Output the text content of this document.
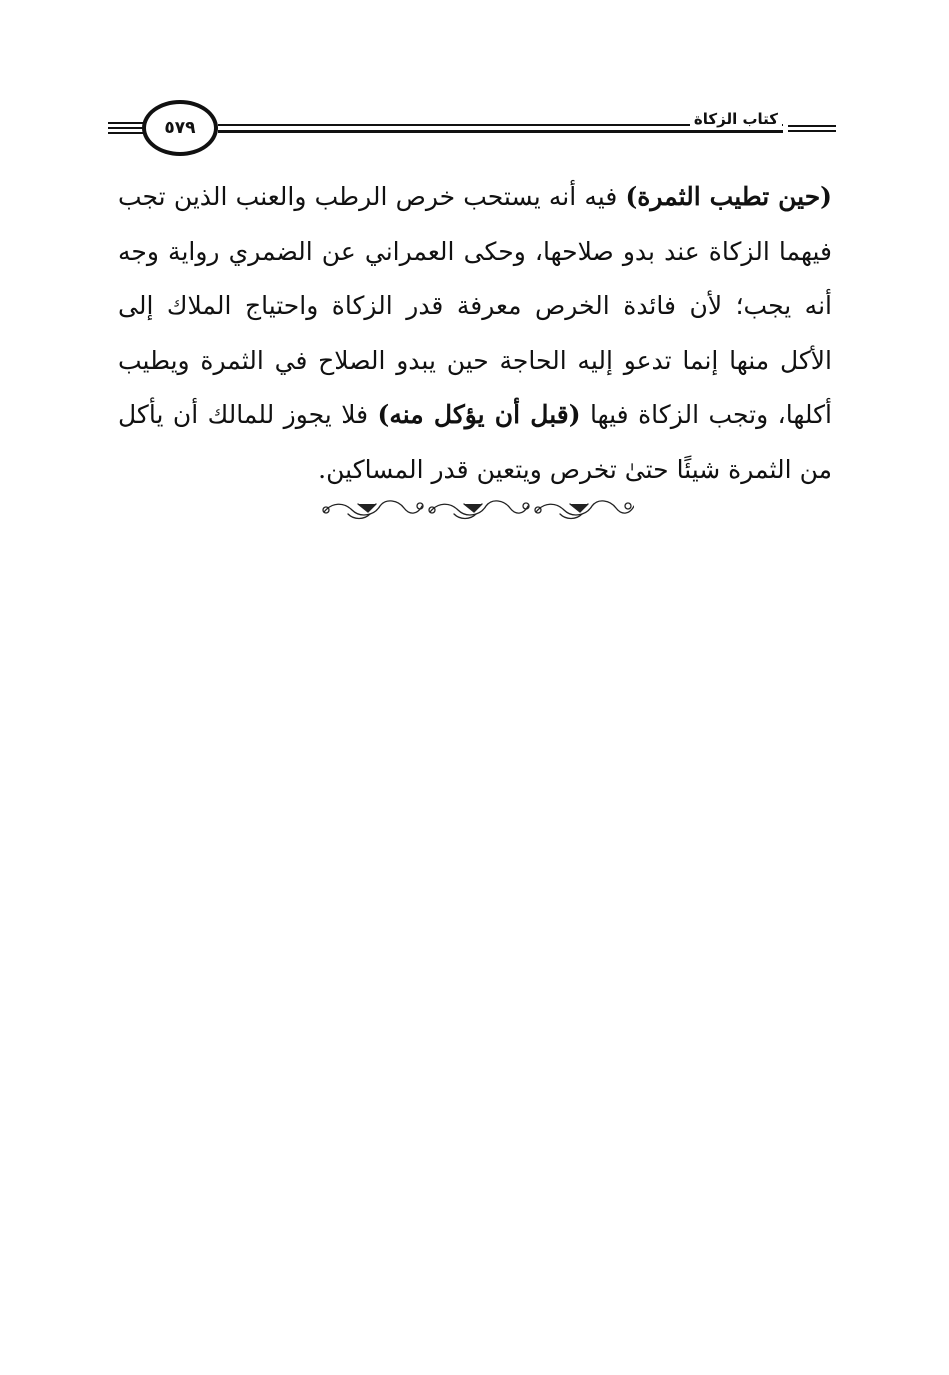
كتاب الزكاة
٥٧٩
(حين تطيب الثمرة) فيه أنه يستحب خرص الرطب والعنب الذين تجب فيهما الزكاة عند بدو صلاحها، وحكى العمراني عن الضمري رواية وجه أنه يجب؛ لأن فائدة الخرص معرفة قدر الزكاة واحتياج الملاك إلى الأكل منها إنما تدعو إليه الحاجة حين يبدو الصلاح في الثمرة ويطيب أكلها، وتجب الزكاة فيها (قبل أن يؤكل منه) فلا يجوز للمالك أن يأكل من الثمرة شيئًا حتىٰ تخرص ويتعين قدر المساكين.
